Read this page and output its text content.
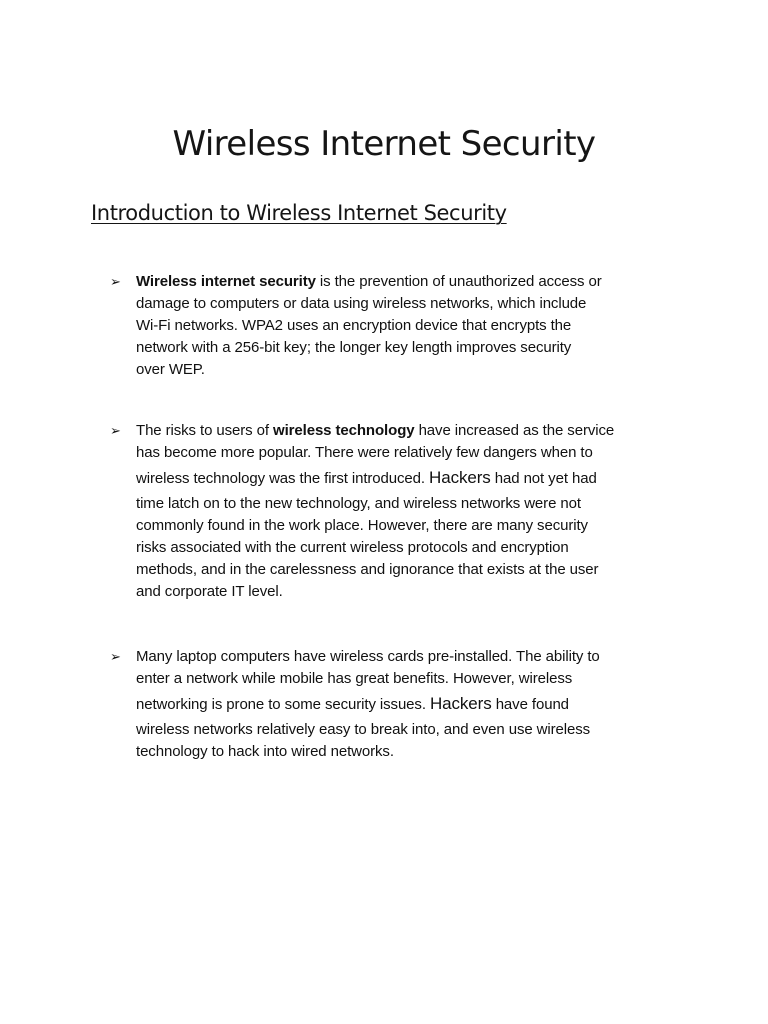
Wireless Internet Security
Introduction to Wireless Internet Security
➢ Wireless internet security is the prevention of unauthorized access or
damage to computers or data using wireless networks, which include
Wi-Fi networks. WPA2 uses an encryption device that encrypts the
network with a 256-bit key; the longer key length improves security
over WEP.
➢ The risks to users of wireless technology have increased as the service
has become more popular. There were relatively few dangers when to
wireless technology was the first introduced. Hackers had not yet had
time latch on to the new technology, and wireless networks were not
commonly found in the work place. However, there are many security
risks associated with the current wireless protocols and encryption
methods, and in the carelessness and ignorance that exists at the user
and corporate IT level.
➢ Many laptop computers have wireless cards pre-installed. The ability to
enter a network while mobile has great benefits. However, wireless
networking is prone to some security issues. Hackers have found
wireless networks relatively easy to break into, and even use wireless
technology to hack into wired networks.
